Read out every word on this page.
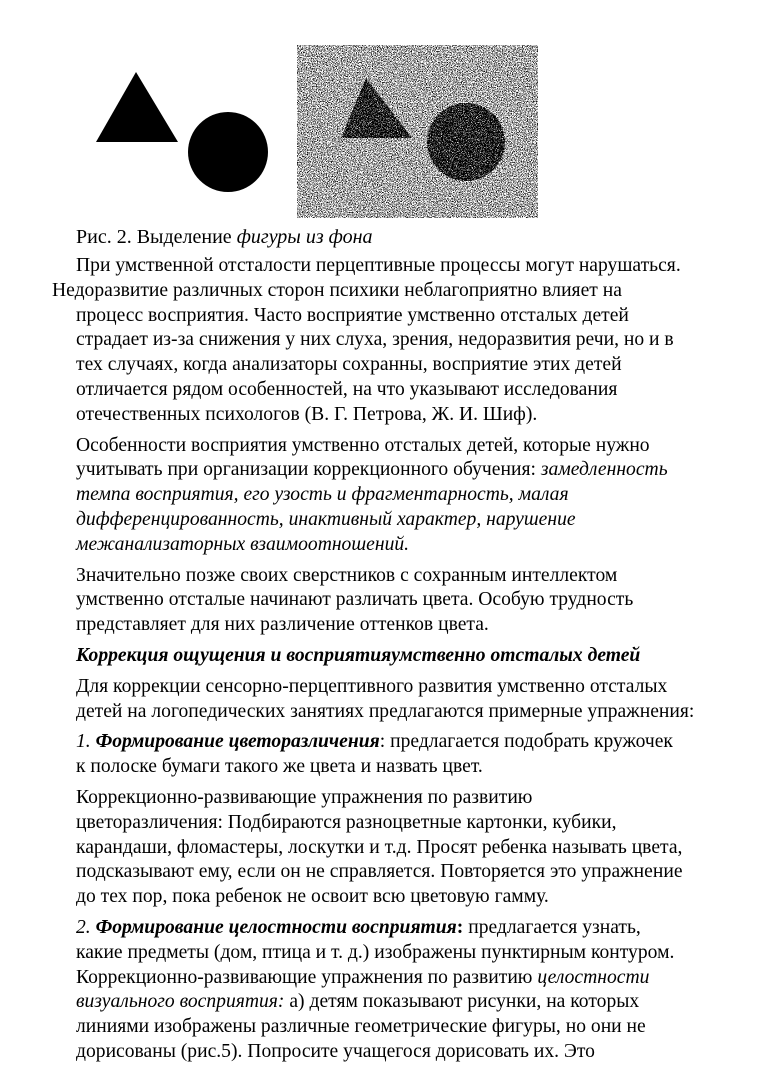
Рис. 2. Выделение фигуры из фона

При умственной отсталости перцептивные процессы могут нарушаться.
Недоразвитие различных сторон психики неблагоприятно влияет на
процесс восприятия. Часто восприятие умственно отсталых детей
страдает из-за снижения у них слуха, зрения, недоразвития речи, но и в
тех случаях, когда анализаторы сохранны, восприятие этих детей
отличается рядом особенностей, на что указывают исследования
отечественных психологов (В. Г. Петрова, Ж. И. Шиф).

Особенности восприятия умственно отсталых детей, которые нужно
учитывать при организации коррекционного обучения: замедленность
темпа восприятия, его узость и фрагментарность, малая
дифференцированность, инактивный характер, нарушение
межанализаторных взаимоотношений.

Значительно позже своих сверстников с сохранным интеллектом
умственно отсталые начинают различать цвета. Особую трудность
представляет для них различение оттенков цвета.

Коррекция ощущения и восприятияумственно отсталых детей

Для коррекции сенсорно-перцептивного развития умственно отсталых
детей на логопедических занятиях предлагаются примерные упражнения:

1. Формирование цветоразличения: предлагается подобрать кружочек
к полоске бумаги такого же цвета и назвать цвет.

Коррекционно-развивающие упражнения по развитию
цветоразличения: Подбираются разноцветные картонки, кубики,
карандаши, фломастеры, лоскутки и т.д. Просят ребенка называть цвета,
подсказывают ему, если он не справляется. Повторяется это упражнение
до тех пор, пока ребенок не освоит всю цветовую гамму.

2. Формирование целостности восприятия: предлагается узнать,
какие предметы (дом, птица и т. д.) изображены пунктирным контуром.
Коррекционно-развивающие упражнения по развитию целостности
визуального восприятия: а) детям показывают рисунки, на которых
линиями изображены различные геометрические фигуры, но они не
дорисованы (рис.5). Попросите учащегося дорисовать их. Это
